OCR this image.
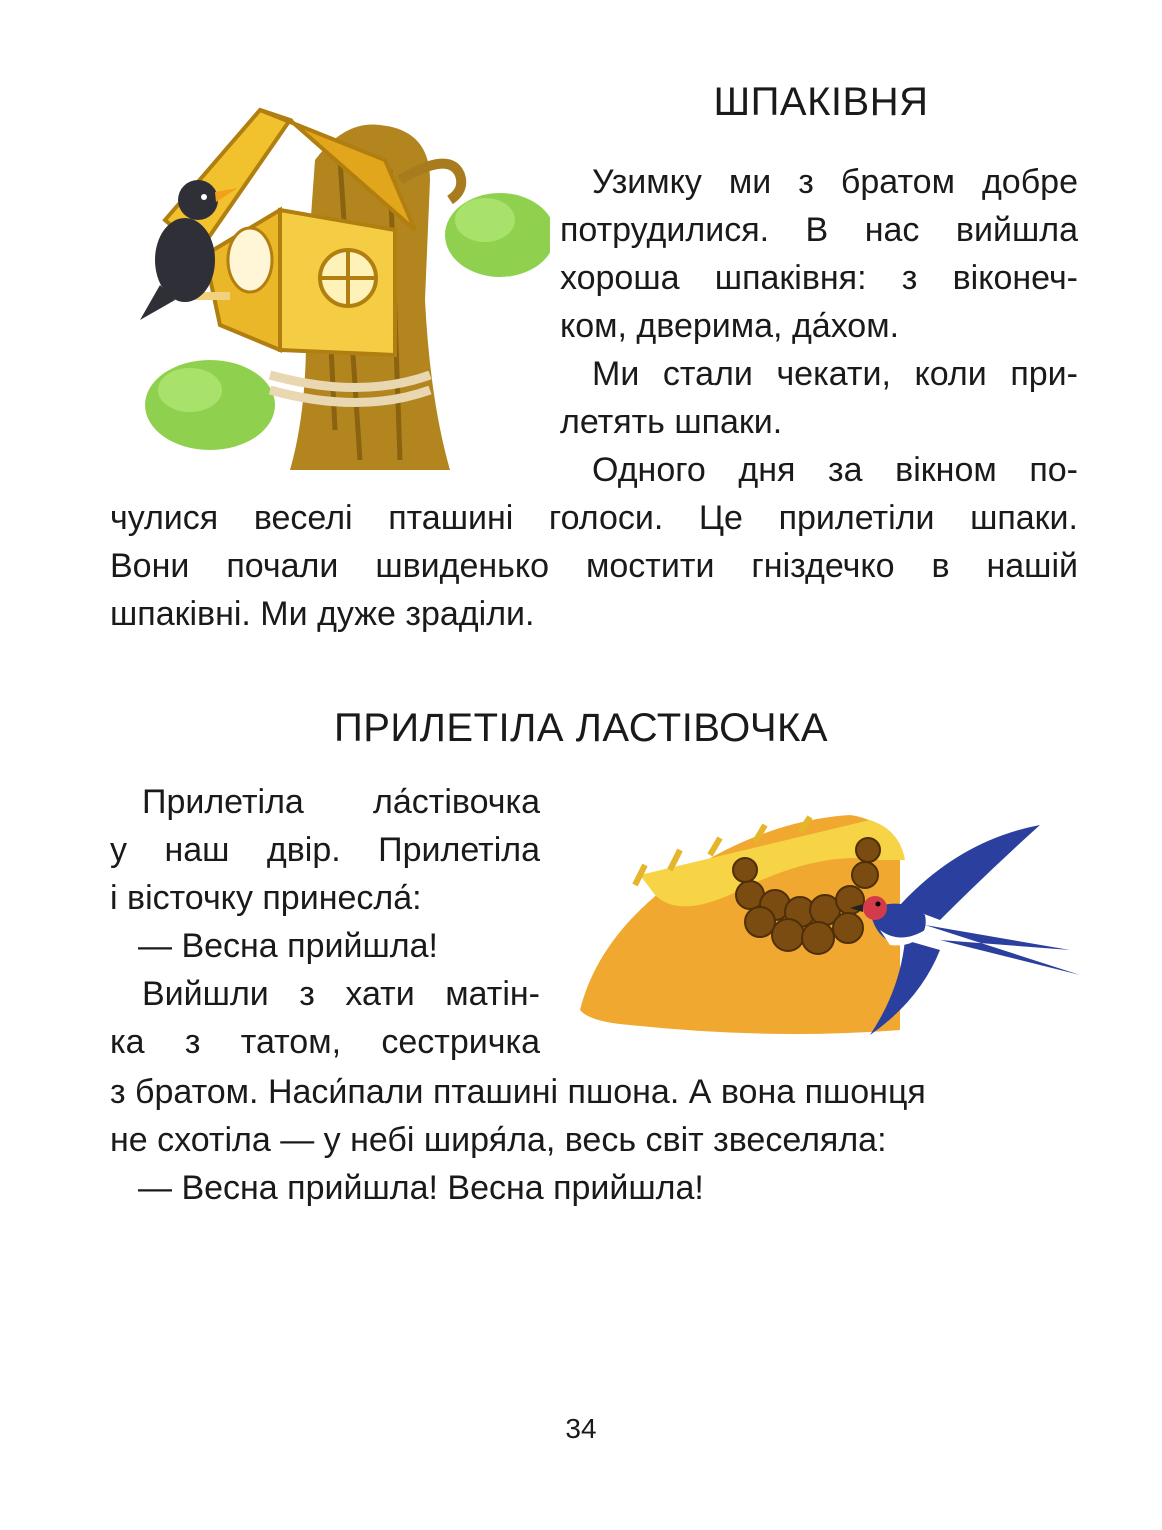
ШПАКІВНЯ
Узимку ми з братом добре
потрудилися. В нас вийшла
хороша шпаківня: з віконеч-
ком, дверима, да́хом.
Ми стали чекати, коли при-
летять шпаки.
Одного дня за вікном по-
чулися веселі пташині голоси. Це прилетіли шпаки.
Вони почали швиденько мостити гніздечко в нашій
шпаківні. Ми дуже зраділи.
ПРИЛЕТІЛА ЛАСТІВОЧКА
Прилетіла ла́стівочка
у наш двір. Прилетіла
і вісточку принесла́:
— Весна прийшла!
Вийшли з хати матін-
ка з татом, сестричка
з братом. Наси́пали пташині пшона. А вона пшонця
не схотіла — у небі ширя́ла, весь світ звеселяла:
— Весна прийшла! Весна прийшла!
34
